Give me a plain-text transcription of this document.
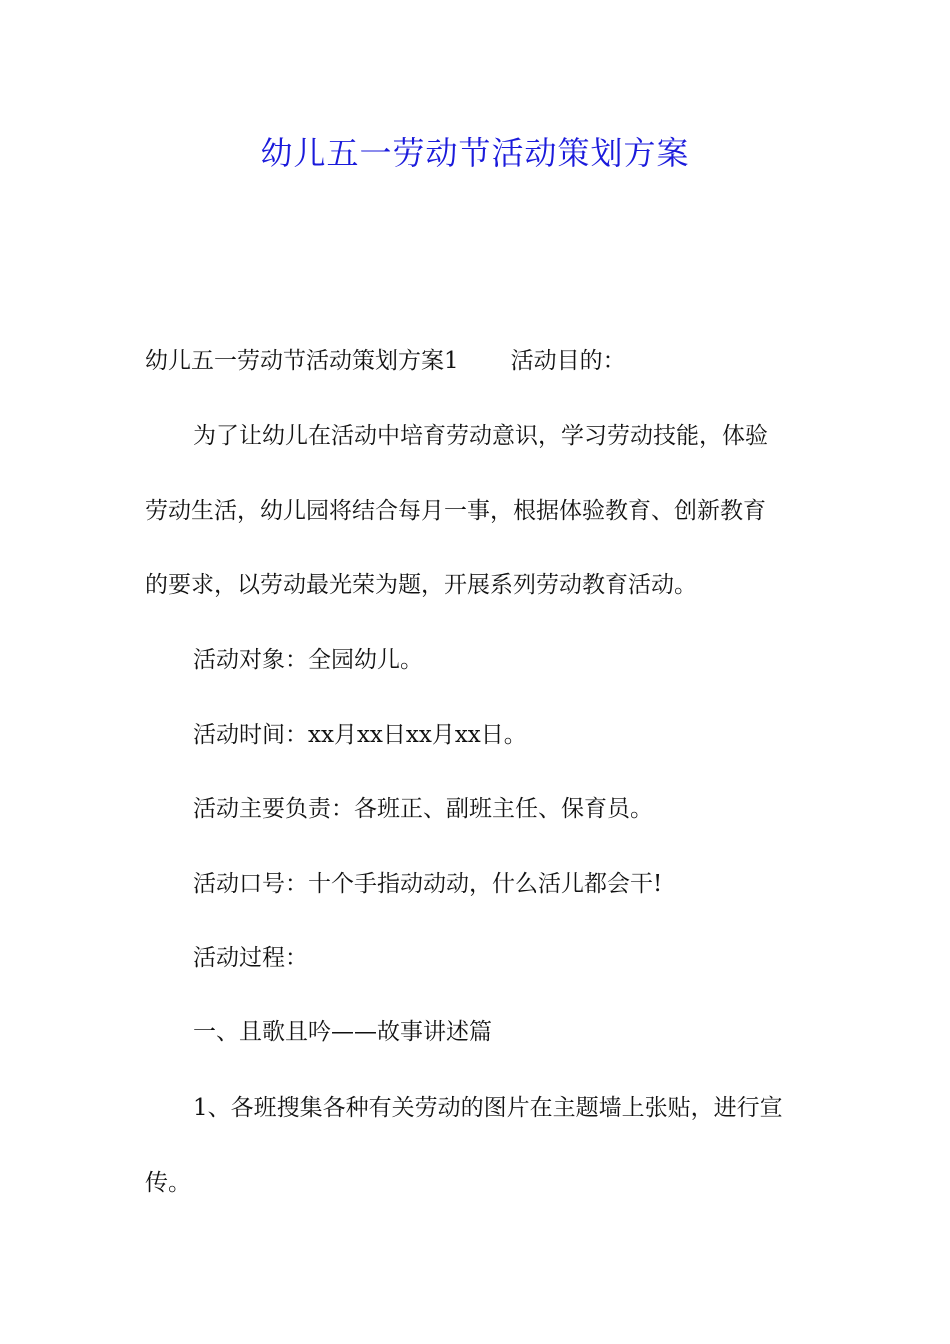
幼儿五一劳动节活动策划方案

幼儿五一劳动节活动策划方案1 活动目的：

为了让幼儿在活动中培育劳动意识，学习劳动技能，体验

劳动生活，幼儿园将结合每月一事，根据体验教育、创新教育

的要求，以劳动最光荣为题，开展系列劳动教育活动。

活动对象：全园幼儿。

活动时间：xx月xx日xx月xx日。

活动主要负责：各班正、副班主任、保育员。

活动口号：十个手指动动动，什么活儿都会干!

活动过程：

一、且歌且吟——故事讲述篇

1、各班搜集各种有关劳动的图片在主题墙上张贴，进行宣

传。
